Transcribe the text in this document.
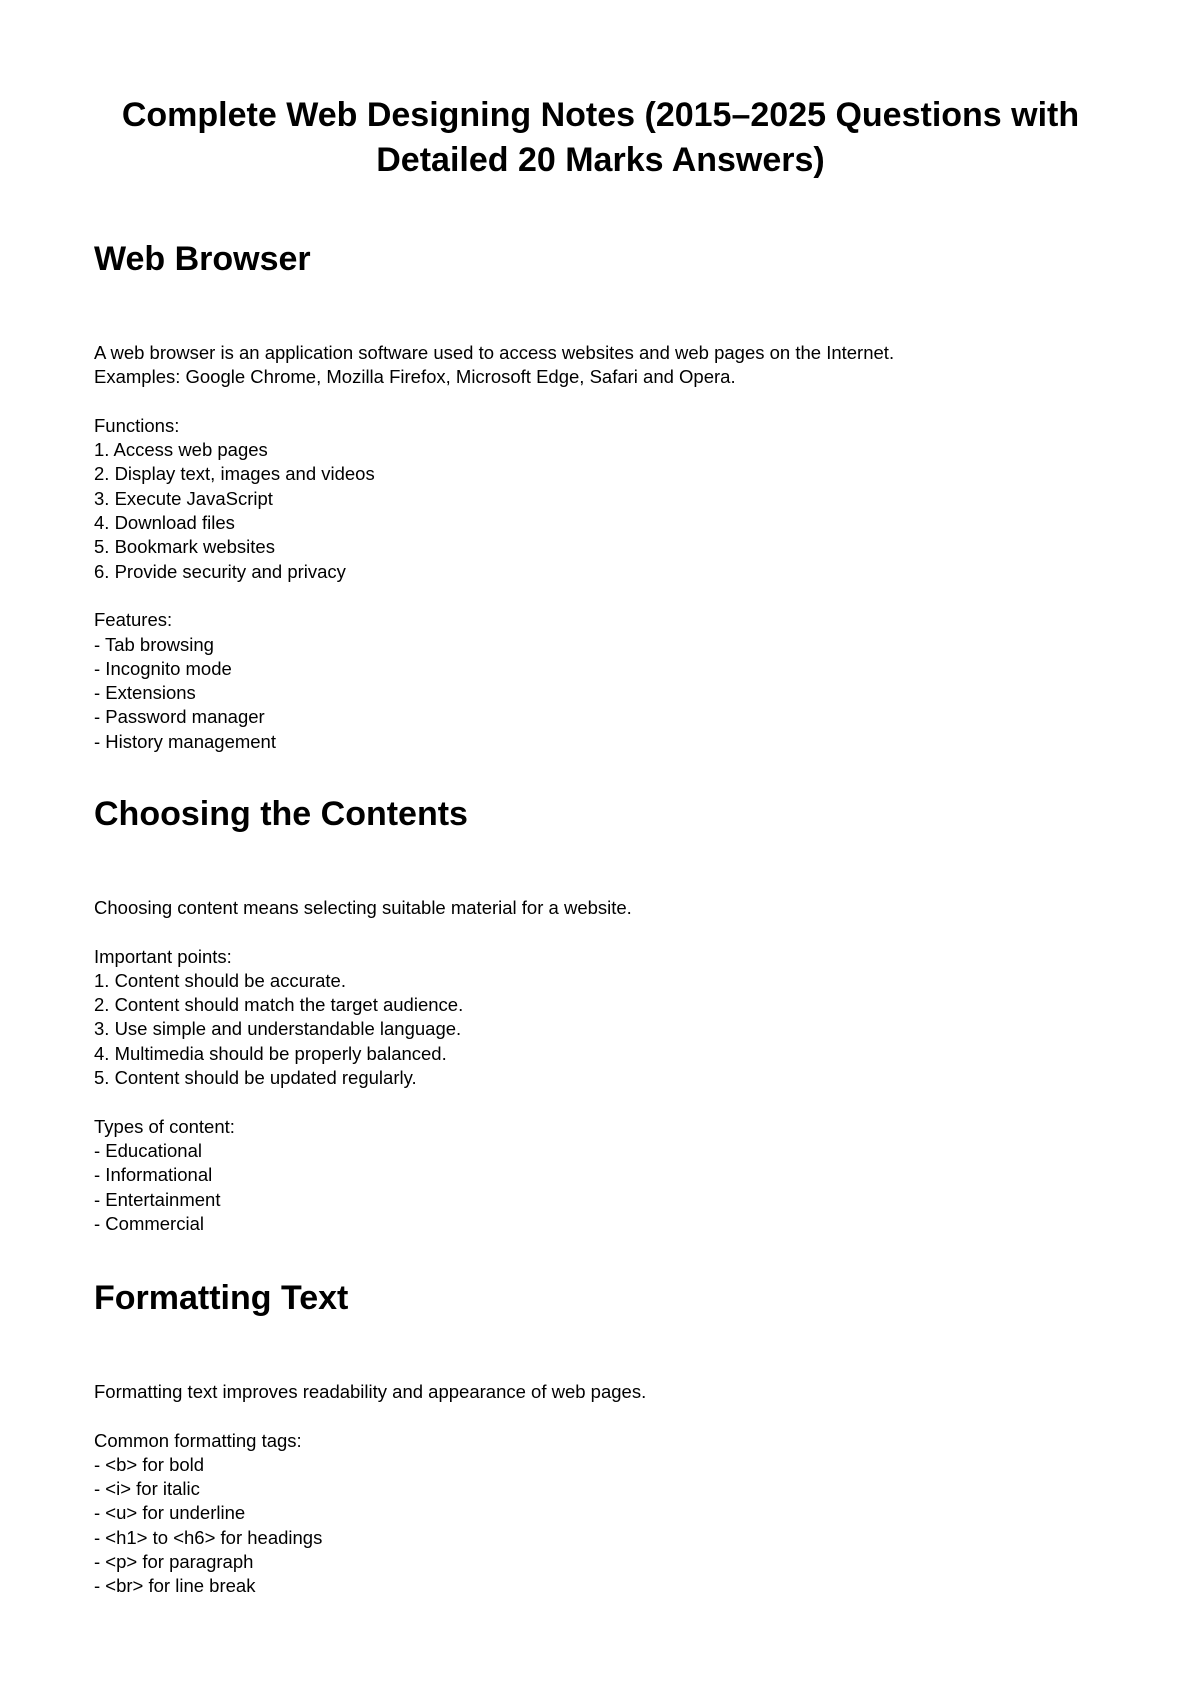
Complete Web Designing Notes (2015–2025 Questions with Detailed 20 Marks Answers)
Web Browser
A web browser is an application software used to access websites and web pages on the Internet.
Examples: Google Chrome, Mozilla Firefox, Microsoft Edge, Safari and Opera.
Functions:
1. Access web pages
2. Display text, images and videos
3. Execute JavaScript
4. Download files
5. Bookmark websites
6. Provide security and privacy
Features:
- Tab browsing
- Incognito mode
- Extensions
- Password manager
- History management
Choosing the Contents
Choosing content means selecting suitable material for a website.
Important points:
1. Content should be accurate.
2. Content should match the target audience.
3. Use simple and understandable language.
4. Multimedia should be properly balanced.
5. Content should be updated regularly.
Types of content:
- Educational
- Informational
- Entertainment
- Commercial
Formatting Text
Formatting text improves readability and appearance of web pages.
Common formatting tags:
- <b> for bold
- <i> for italic
- <u> for underline
- <h1> to <h6> for headings
- <p> for paragraph
- <br> for line break
